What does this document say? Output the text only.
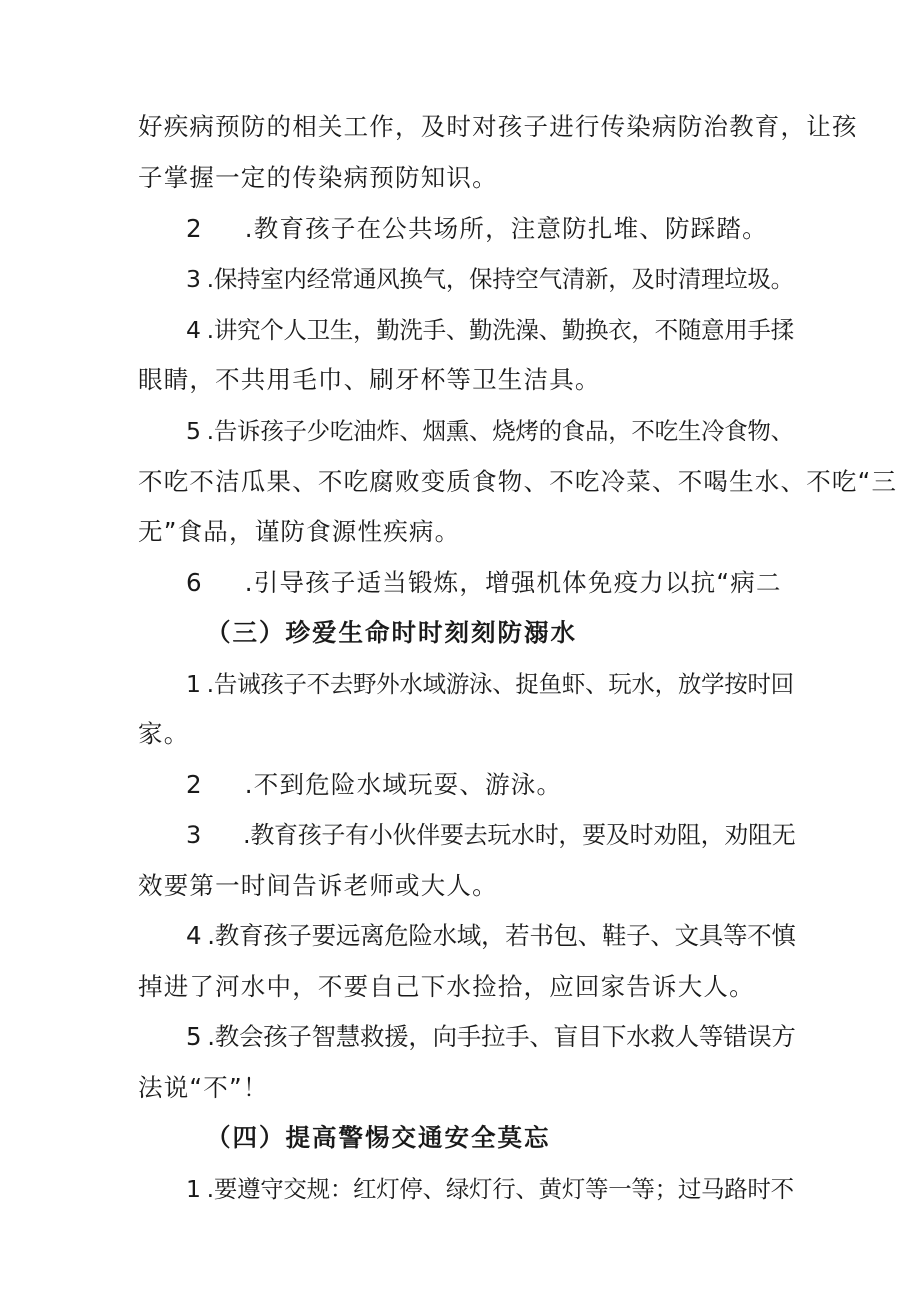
好疾病预防的相关工作，及时对孩子进行传染病防治教育，让孩
子掌握一定的传染病预防知识。
2 .教育孩子在公共场所，注意防扎堆、防踩踏。
3 .保持室内经常通风换气，保持空气清新，及时清理垃圾。
4 .讲究个人卫生，勤洗手、勤洗澡、勤换衣，不随意用手揉
眼睛，不共用毛巾、刷牙杯等卫生洁具。
5 .告诉孩子少吃油炸、烟熏、烧烤的食品，不吃生冷食物、
不吃不洁瓜果、不吃腐败变质食物、不吃冷菜、不喝生水、不吃“三
无”食品，谨防食源性疾病。
6 .引导孩子适当锻炼，增强机体免疫力以抗“病二
（三）珍爱生命时时刻刻防溺水
1 .告诫孩子不去野外水域游泳、捉鱼虾、玩水，放学按时回
家。
2 .不到危险水域玩耍、游泳。
3 .教育孩子有小伙伴要去玩水时，要及时劝阻，劝阻无
效要第一时间告诉老师或大人。
4 .教育孩子要远离危险水域，若书包、鞋子、文具等不慎
掉进了河水中，不要自己下水捡拾，应回家告诉大人。
5 .教会孩子智慧救援，向手拉手、盲目下水救人等错误方
法说“不”！
（四）提高警惕交通安全莫忘
1 .要遵守交规：红灯停、绿灯行、黄灯等一等；过马路时不
